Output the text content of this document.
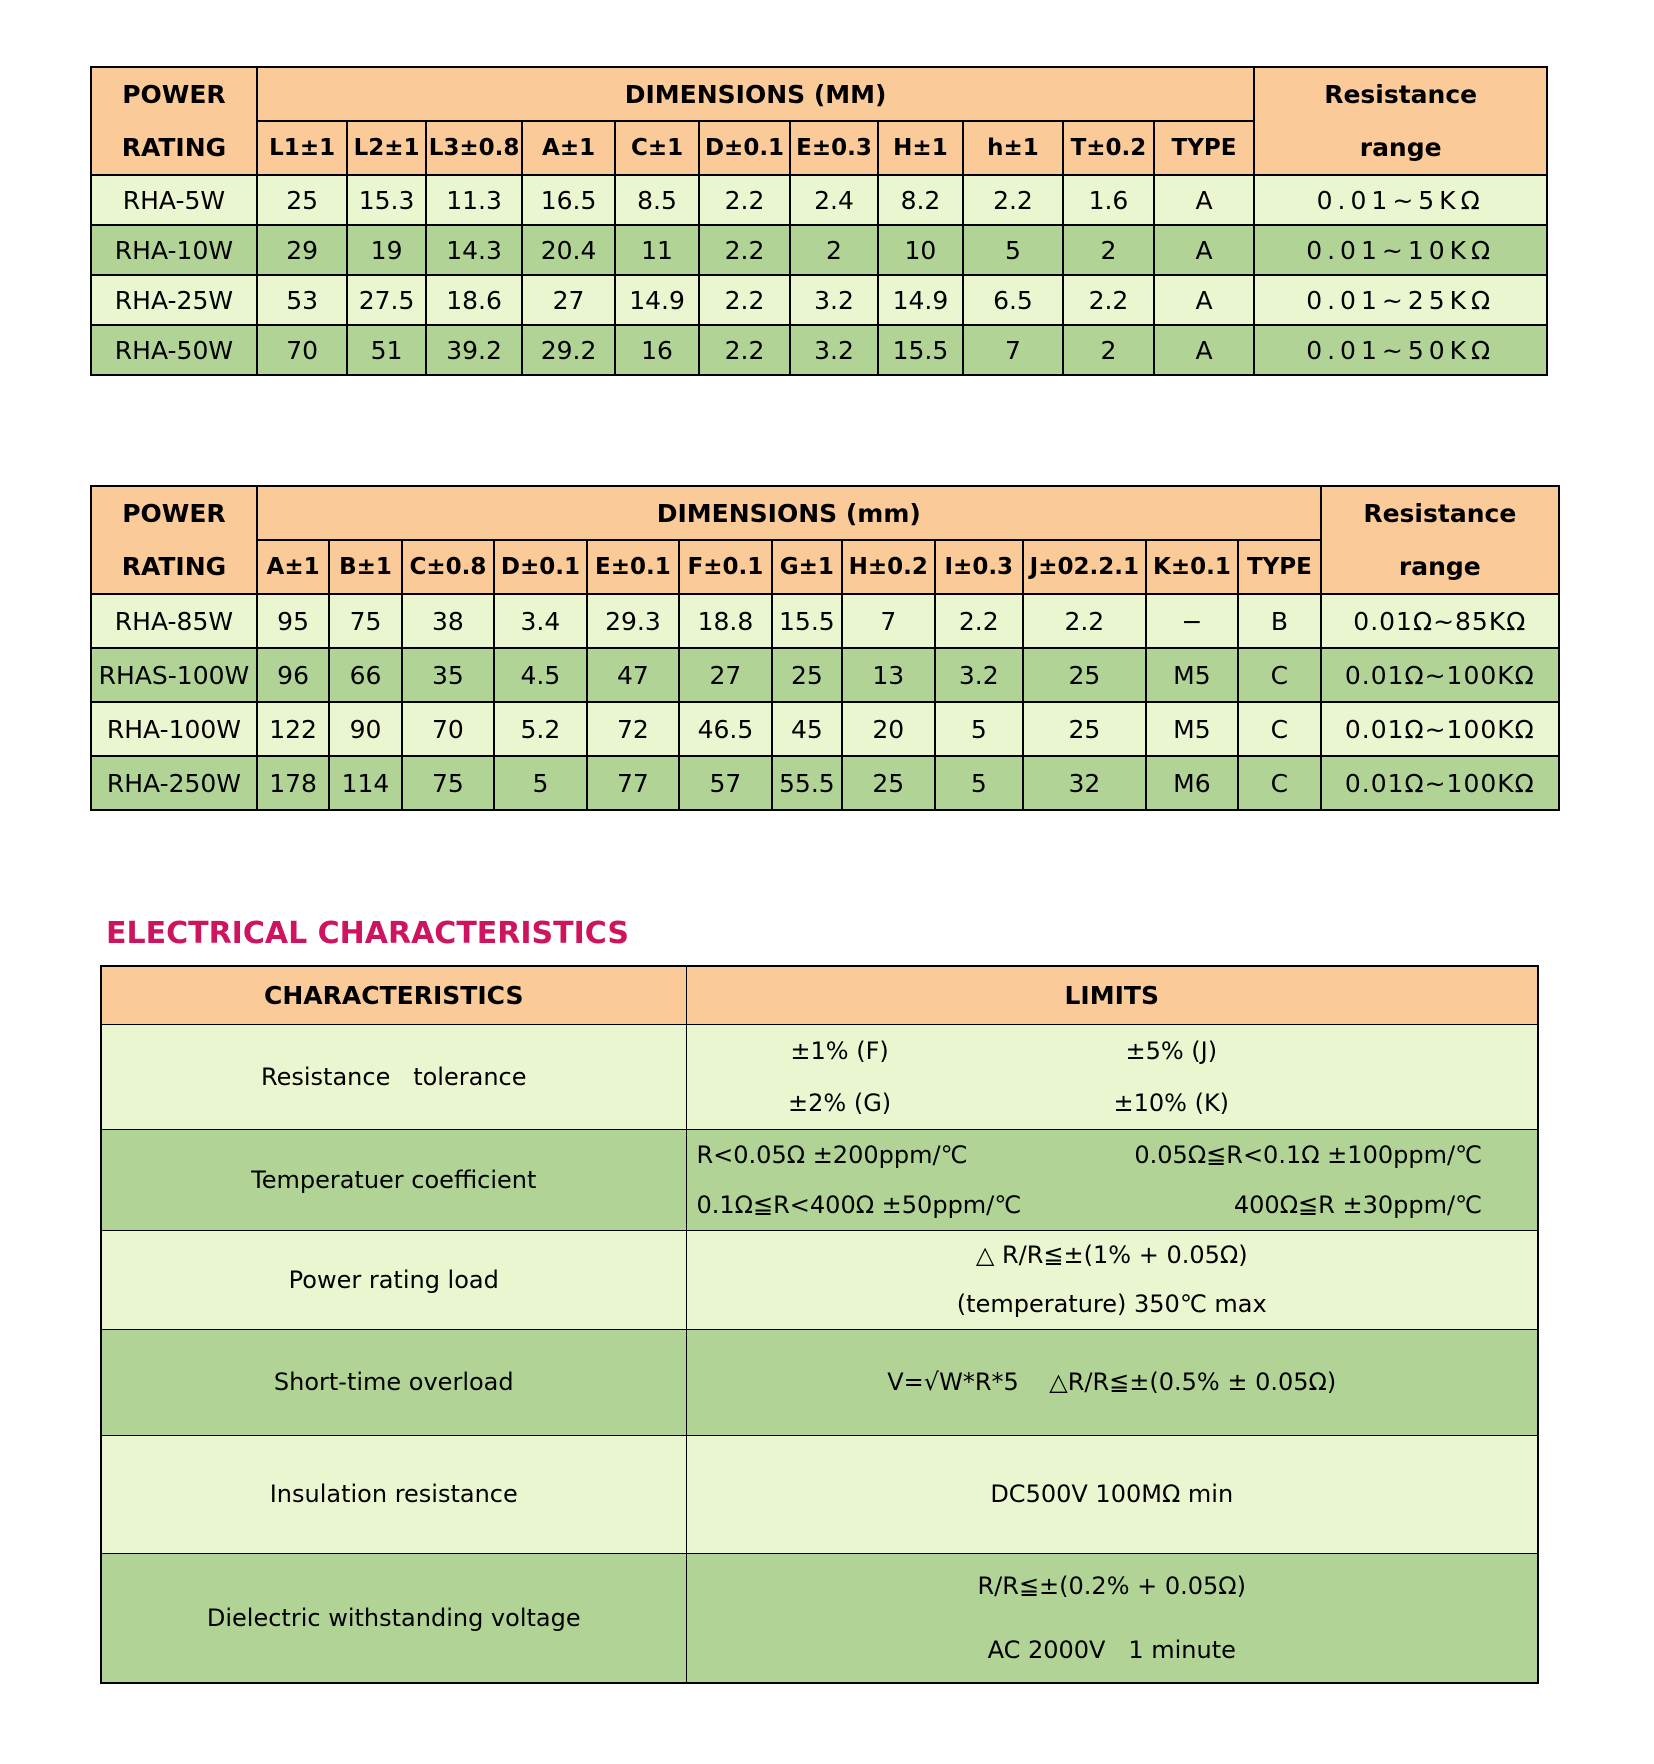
POWER
RATING
	DIMENSIONS (MM)	Resistance
range

	L1±1	L2±1	L3±0.8	A±1	C±1	D±0.1	E±0.3	H±1	h±1	T±0.2	TYPE	
RHA-5W	25	15.3	11.3	16.5	8.5	2.2	2.4	8.2	2.2	1.6	A	0.01~5KΩ
RHA-10W	29	19	14.3	20.4	11	2.2	2	10	5	2	A	0.01~10KΩ
RHA-25W	53	27.5	18.6	27	14.9	2.2	3.2	14.9	6.5	2.2	A	0.01~25KΩ
RHA-50W	70	51	39.2	29.2	16	2.2	3.2	15.5	7	2	A	0.01~50KΩ
POWER
RATING
	DIMENSIONS (mm)	Resistance
range

	A±1	B±1	C±0.8	D±0.1	E±0.1	F±0.1	G±1	H±0.2	I±0.3	J±02.2.1	K±0.1	TYPE	
RHA-85W	95	75	38	3.4	29.3	18.8	15.5	7	2.2	2.2	−	B	0.01Ω~85KΩ
RHAS-100W	96	66	35	4.5	47	27	25	13	3.2	25	M5	C	0.01Ω~100KΩ
RHA-100W	122	90	70	5.2	72	46.5	45	20	5	25	M5	C	0.01Ω~100KΩ
RHA-250W	178	114	75	5	77	57	55.5	25	5	32	M6	C	0.01Ω~100KΩ
ELECTRICAL CHARACTERISTICS
CHARACTERISTICS	LIMITS
Resistance   tolerance	±1% (F) ±5% (J)
±2% (G) ±10% (K)

Temperatuer coefficient	R<0.05Ω ±200ppm/℃ 0.05Ω≦R<0.1Ω ±100ppm/℃
0.1Ω≦R<400Ω ±50ppm/℃ 400Ω≦R ±30ppm/℃

Power rating load	△ R/R≦±(1% + 0.05Ω)
(temperature) 350℃ max

Short-time overload	V=√W*R*5    △R/R≦±(0.5% ± 0.05Ω)

Insulation resistance	DC500V 100MΩ min

Dielectric withstanding voltage	R/R≦±(0.2% + 0.05Ω)
AC 2000V   1 minute
